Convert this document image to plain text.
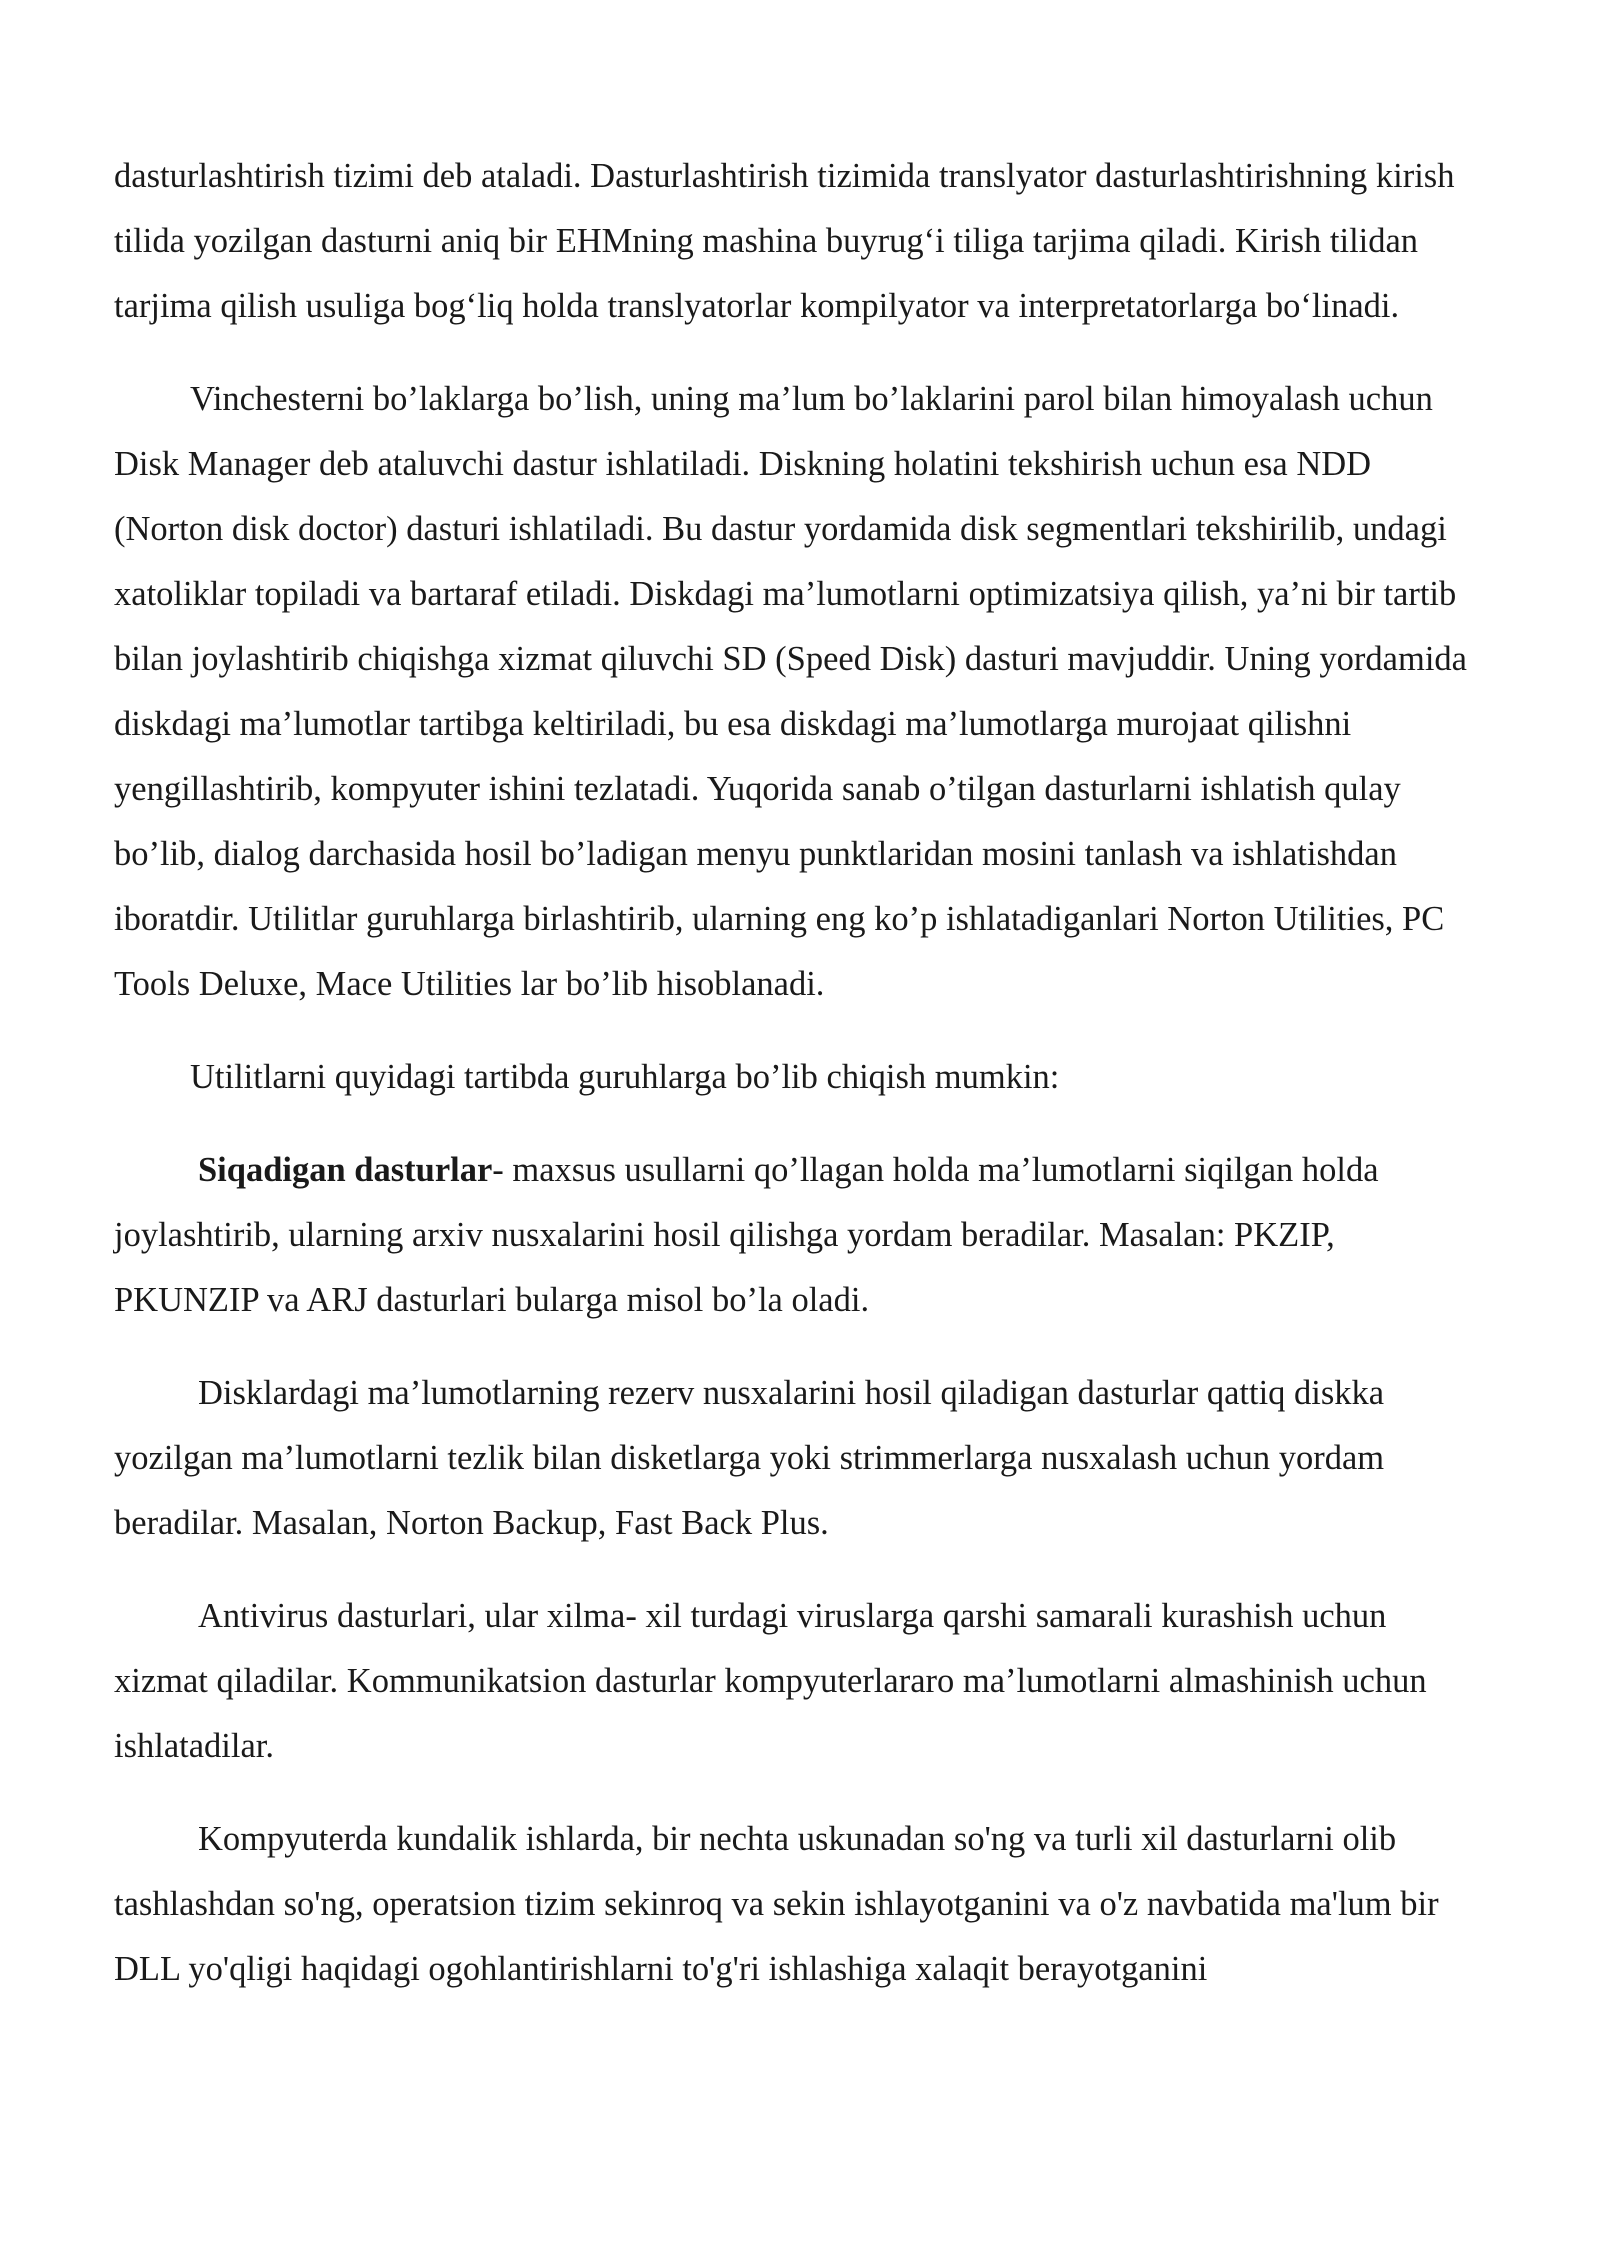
dasturlashtirish tizimi deb ataladi. Dasturlashtirish tizimida translyator dasturlashtirishning kirish tilida yozilgan dasturni aniq bir EHMning mashina buyrug‘i tiliga tarjima qiladi. Kirish tilidan tarjima qilish usuliga bog‘liq holda translyatorlar kompilyator va interpretatorlarga bo‘linadi.

Vinchesterni bo’laklarga bo’lish, uning ma’lum bo’laklarini parol bilan himoyalash uchun Disk Manager deb ataluvchi dastur ishlatiladi. Diskning holatini tekshirish uchun esa NDD (Norton disk doctor) dasturi ishlatiladi. Bu dastur yordamida disk segmentlari tekshirilib, undagi xatoliklar topiladi va bartaraf etiladi. Diskdagi ma’lumotlarni optimizatsiya qilish, ya’ni bir tartib bilan joylashtirib chiqishga xizmat qiluvchi SD (Speed Disk) dasturi mavjuddir. Uning yordamida diskdagi ma’lumotlar tartibga keltiriladi, bu esa diskdagi ma’lumotlarga murojaat qilishni yengillashtirib, kompyuter ishini tezlatadi. Yuqorida sanab o’tilgan dasturlarni ishlatish qulay bo’lib, dialog darchasida hosil bo’ladigan menyu punktlaridan mosini tanlash va ishlatishdan iboratdir. Utilitlar guruhlarga birlashtirib, ularning eng ko’p ishlatadiganlari Norton Utilities, PC Tools Deluxe, Mace Utilities lar bo’lib hisoblanadi.

Utilitlarni quyidagi tartibda guruhlarga bo’lib chiqish mumkin:

Siqadigan dasturlar- maxsus usullarni qo’llagan holda ma’lumotlarni siqilgan holda joylashtirib, ularning arxiv nusxalarini hosil qilishga yordam beradilar. Masalan: PKZIP, PKUNZIP va ARJ dasturlari bularga misol bo’la oladi.

Disklardagi ma’lumotlarning rezerv nusxalarini hosil qiladigan dasturlar qattiq diskka yozilgan ma’lumotlarni tezlik bilan disketlarga yoki strimmerlarga nusxalash uchun yordam beradilar. Masalan, Norton Backup, Fast Back Plus.

Antivirus dasturlari, ular xilma- xil turdagi viruslarga qarshi samarali kurashish uchun xizmat qiladilar. Kommunikatsion dasturlar kompyuterlararo ma’lumotlarni almashinish uchun ishlatadilar.

Kompyuterda kundalik ishlarda, bir nechta uskunadan so'ng va turli xil dasturlarni olib tashlashdan so'ng, operatsion tizim sekinroq va sekin ishlayotganini va o'z navbatida ma'lum bir DLL yo'qligi haqidagi ogohlantirishlarni to'g'ri ishlashiga xalaqit berayotganini
